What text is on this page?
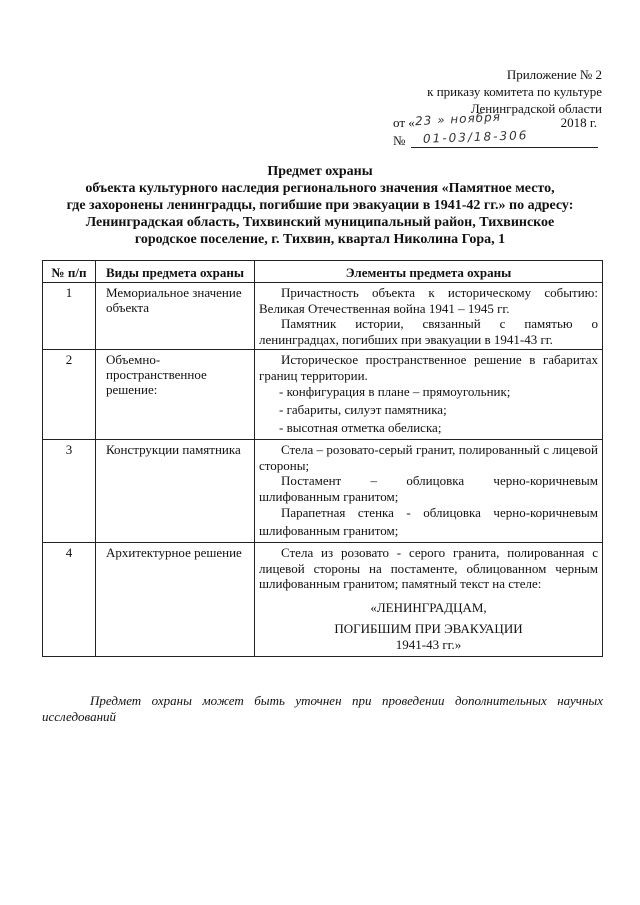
Приложение № 2
к приказу комитета по культуре
Ленинградской области
от « 23 » ноября	2018 г.
№ 01-03/18-306
Предмет охраны
объекта культурного наследия регионального значения «Памятное место,
где захоронены ленинградцы, погибшие при эвакуации в 1941-42 гг.» по адресу:
Ленинградская область, Тихвинский муниципальный район, Тихвинское
городское поселение, г. Тихвин, квартал Николина Гора, 1
№ п/п	Виды предмета охраны	Элементы предмета охраны
1	Мемориальное значение объекта	Причастность объекта к историческому событию: Великая Отечественная война 1941 – 1945 гг.

Памятник истории, связанный с памятью о ленинградцах, погибших при эвакуации в 1941-43 гг.

2	Объемно-пространственное решение:	Историческое пространственное решение в габаритах границ территории.

- конфигурация в плане – прямоугольник;
- габариты, силуэт памятника;
- высотная отметка обелиска;

3	Конструкции памятника	Стела – розовато-серый гранит, полированный с лицевой стороны;

Постамент – облицовка черно-коричневым шлифованным гранитом;

Парапетная стенка - облицовка черно-коричневым шлифованным гранитом;

4	Архитектурное решение	Стела из розовато - серого гранита, полированная с лицевой стороны на постаменте, облицованном черным шлифованным гранитом; памятный текст на стеле:

«ЛЕНИНГРАДЦАМ,

ПОГИБШИМ ПРИ ЭВАКУАЦИИ

1941-43 гг.»

Предмет охраны может быть уточнен при проведении дополнительных научных исследований
